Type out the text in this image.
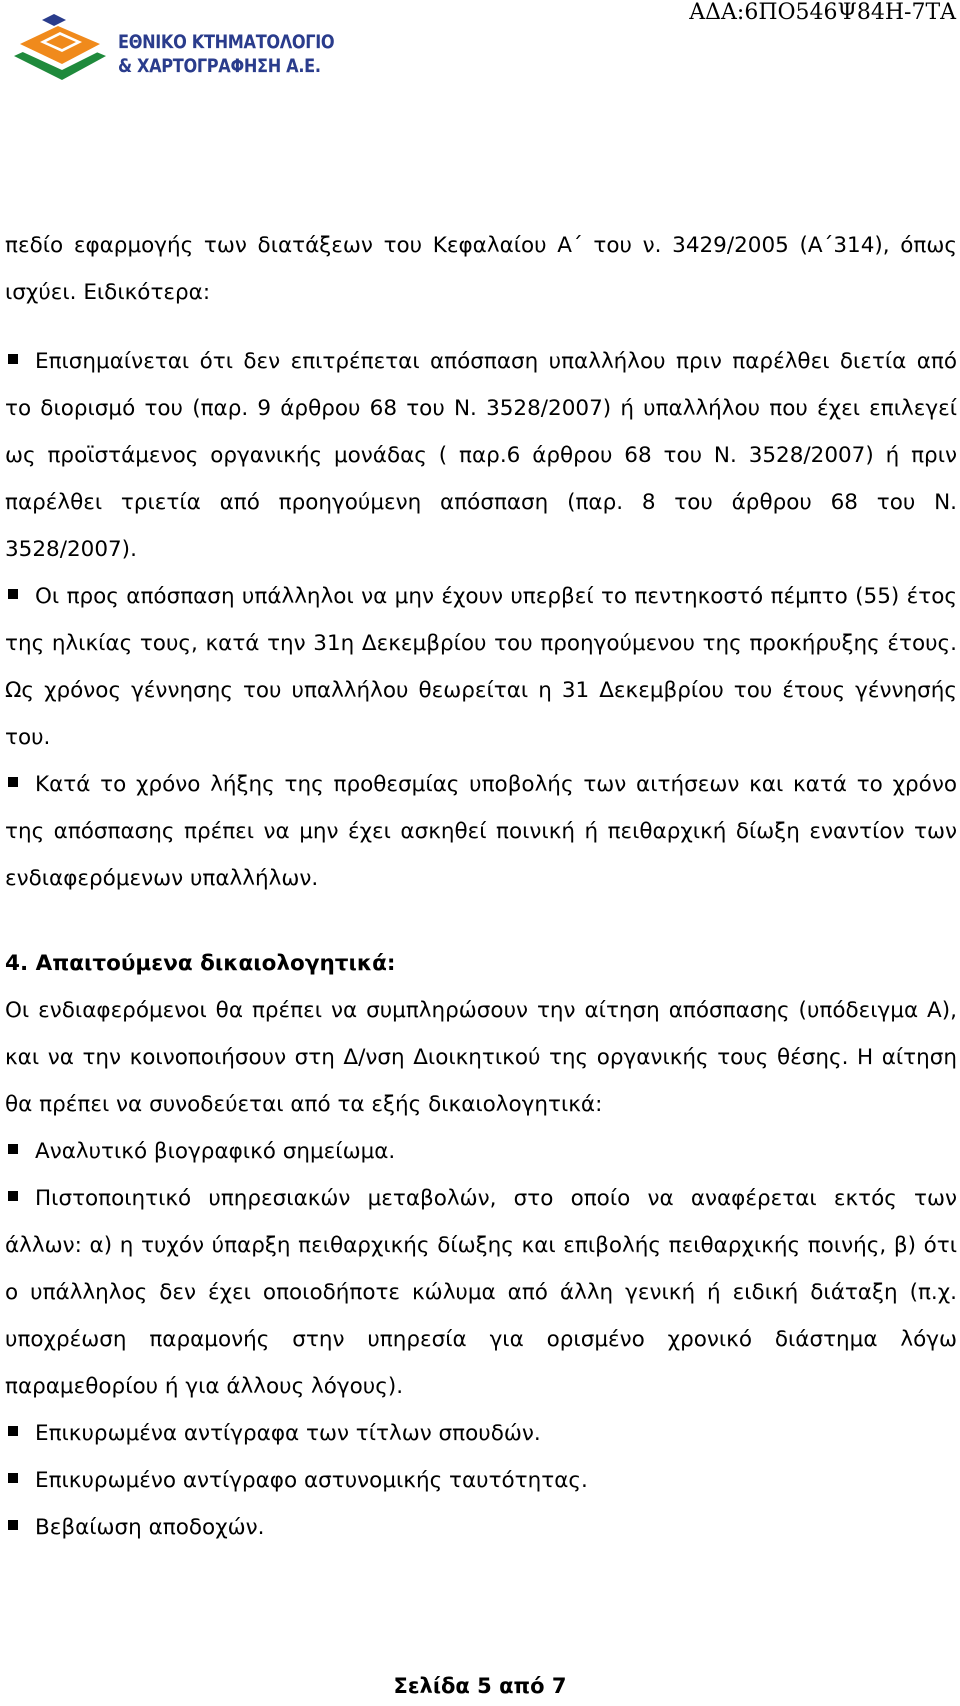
ΕΘΝΙΚΟ ΚΤΗΜΑΤΟΛΟΓΙΟ
& ΧΑΡΤΟΓΡΑΦΗΣΗ Α.Ε.
ΑΔΑ:6ΠΟ546Ψ84Η-7ΤΑ

πεδίο εφαρμογής των διατάξεων του Κεφαλαίου Α΄ του ν. 3429/2005 (Α΄314), όπως ισχύει. Ειδικότερα:

Επισημαίνεται ότι δεν επιτρέπεται απόσπαση υπαλλήλου πριν παρέλθει διετία από το διορισμό του (παρ. 9 άρθρου 68 του Ν. 3528/2007) ή υπαλλήλου που έχει επιλεγεί ως προϊστάμενος οργανικής μονάδας ( παρ.6 άρθρου 68 του Ν. 3528/2007) ή πριν παρέλθει τριετία από προηγούμενη απόσπαση (παρ. 8 του άρθρου 68 του Ν. 3528/2007).

Οι προς απόσπαση υπάλληλοι να μην έχουν υπερβεί το πεντηκοστό πέμπτο (55) έτος της ηλικίας τους, κατά την 31η Δεκεμβρίου του προηγούμενου της προκήρυξης έτους. Ως χρόνος γέννησης του υπαλλήλου θεωρείται η 31 Δεκεμβρίου του έτους γέννησής του.

Κατά το χρόνο λήξης της προθεσμίας υποβολής των αιτήσεων και κατά το χρόνο της απόσπασης πρέπει να μην έχει ασκηθεί ποινική ή πειθαρχική δίωξη εναντίον των ενδιαφερόμενων υπαλλήλων.

4. Απαιτούμενα δικαιολογητικά:

Οι ενδιαφερόμενοι θα πρέπει να συμπληρώσουν την αίτηση απόσπασης (υπόδειγμα Α), και να την κοινοποιήσουν στη Δ/νση Διοικητικού της οργανικής τους θέσης. Η αίτηση θα πρέπει να συνοδεύεται από τα εξής δικαιολογητικά:

Αναλυτικό βιογραφικό σημείωμα.

Πιστοποιητικό υπηρεσιακών μεταβολών, στο οποίο να αναφέρεται εκτός των άλλων: α) η τυχόν ύπαρξη πειθαρχικής δίωξης και επιβολής πειθαρχικής ποινής, β) ότι ο υπάλληλος δεν έχει οποιοδήποτε κώλυμα από άλλη γενική ή ειδική διάταξη (π.χ. υποχρέωση παραμονής στην υπηρεσία για ορισμένο χρονικό διάστημα λόγω παραμεθορίου ή για άλλους λόγους).

Επικυρωμένα αντίγραφα των τίτλων σπουδών.

Επικυρωμένο αντίγραφο αστυνομικής ταυτότητας.

Βεβαίωση αποδοχών.

Σελίδα 5 από 7
